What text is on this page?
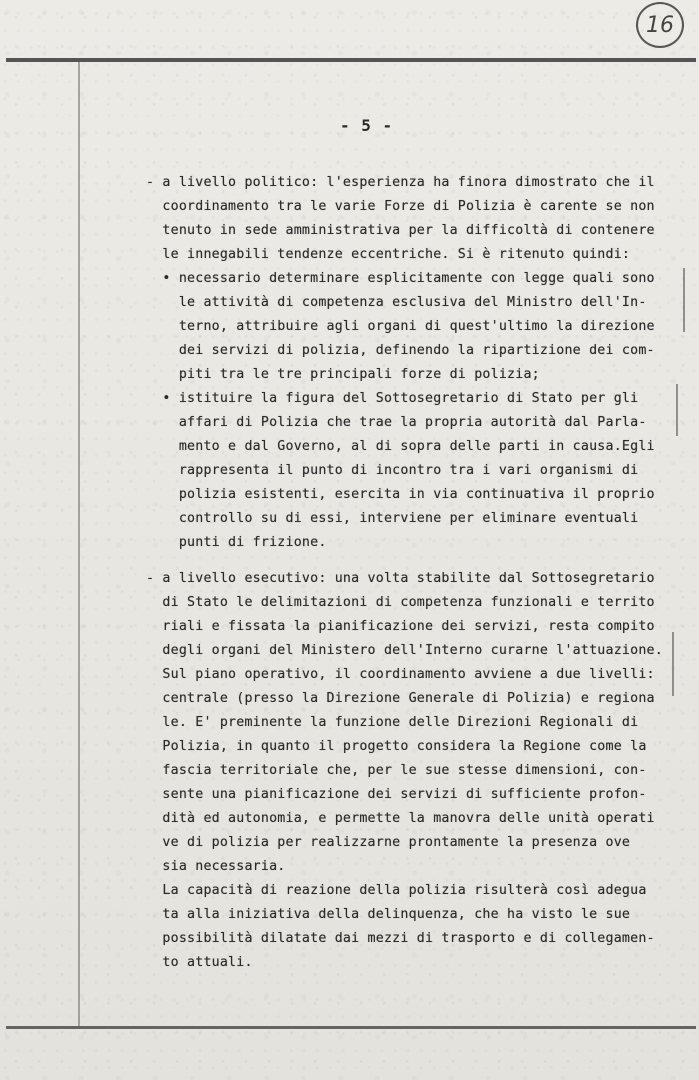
16
- 5 -
- a livello politico: l'esperienza ha finora dimostrato che il
coordinamento tra le varie Forze di Polizia è carente se non
tenuto in sede amministrativa per la difficoltà di contenere
le innegabili tendenze eccentriche. Si è ritenuto quindi:
• necessario determinare esplicitamente con legge quali sono
le attività di competenza esclusiva del Ministro dell'In-
terno, attribuire agli organi di quest'ultimo la direzione
dei servizi di polizia, definendo la ripartizione dei com-
piti tra le tre principali forze di polizia;
• istituire la figura del Sottosegretario di Stato per gli
affari di Polizia che trae la propria autorità dal Parla-
mento e dal Governo, al di sopra delle parti in causa.Egli
rappresenta il punto di incontro tra i vari organismi di
polizia esistenti, esercita in via continuativa il proprio
controllo su di essi, interviene per eliminare eventuali
punti di frizione.
- a livello esecutivo: una volta stabilite dal Sottosegretario
di Stato le delimitazioni di competenza funzionali e territo
riali e fissata la pianificazione dei servizi, resta compito
degli organi del Ministero dell'Interno curarne l'attuazione.
Sul piano operativo, il coordinamento avviene a due livelli:
centrale (presso la Direzione Generale di Polizia) e regiona
le. E' preminente la funzione delle Direzioni Regionali di
Polizia, in quanto il progetto considera la Regione come la
fascia territoriale che, per le sue stesse dimensioni, con-
sente una pianificazione dei servizi di sufficiente profon-
dità ed autonomia, e permette la manovra delle unità operati
ve di polizia per realizzarne prontamente la presenza ove
sia necessaria.
La capacità di reazione della polizia risulterà così adegua
ta alla iniziativa della delinquenza, che ha visto le sue
possibilità dilatate dai mezzi di trasporto e di collegamen-
to attuali.
